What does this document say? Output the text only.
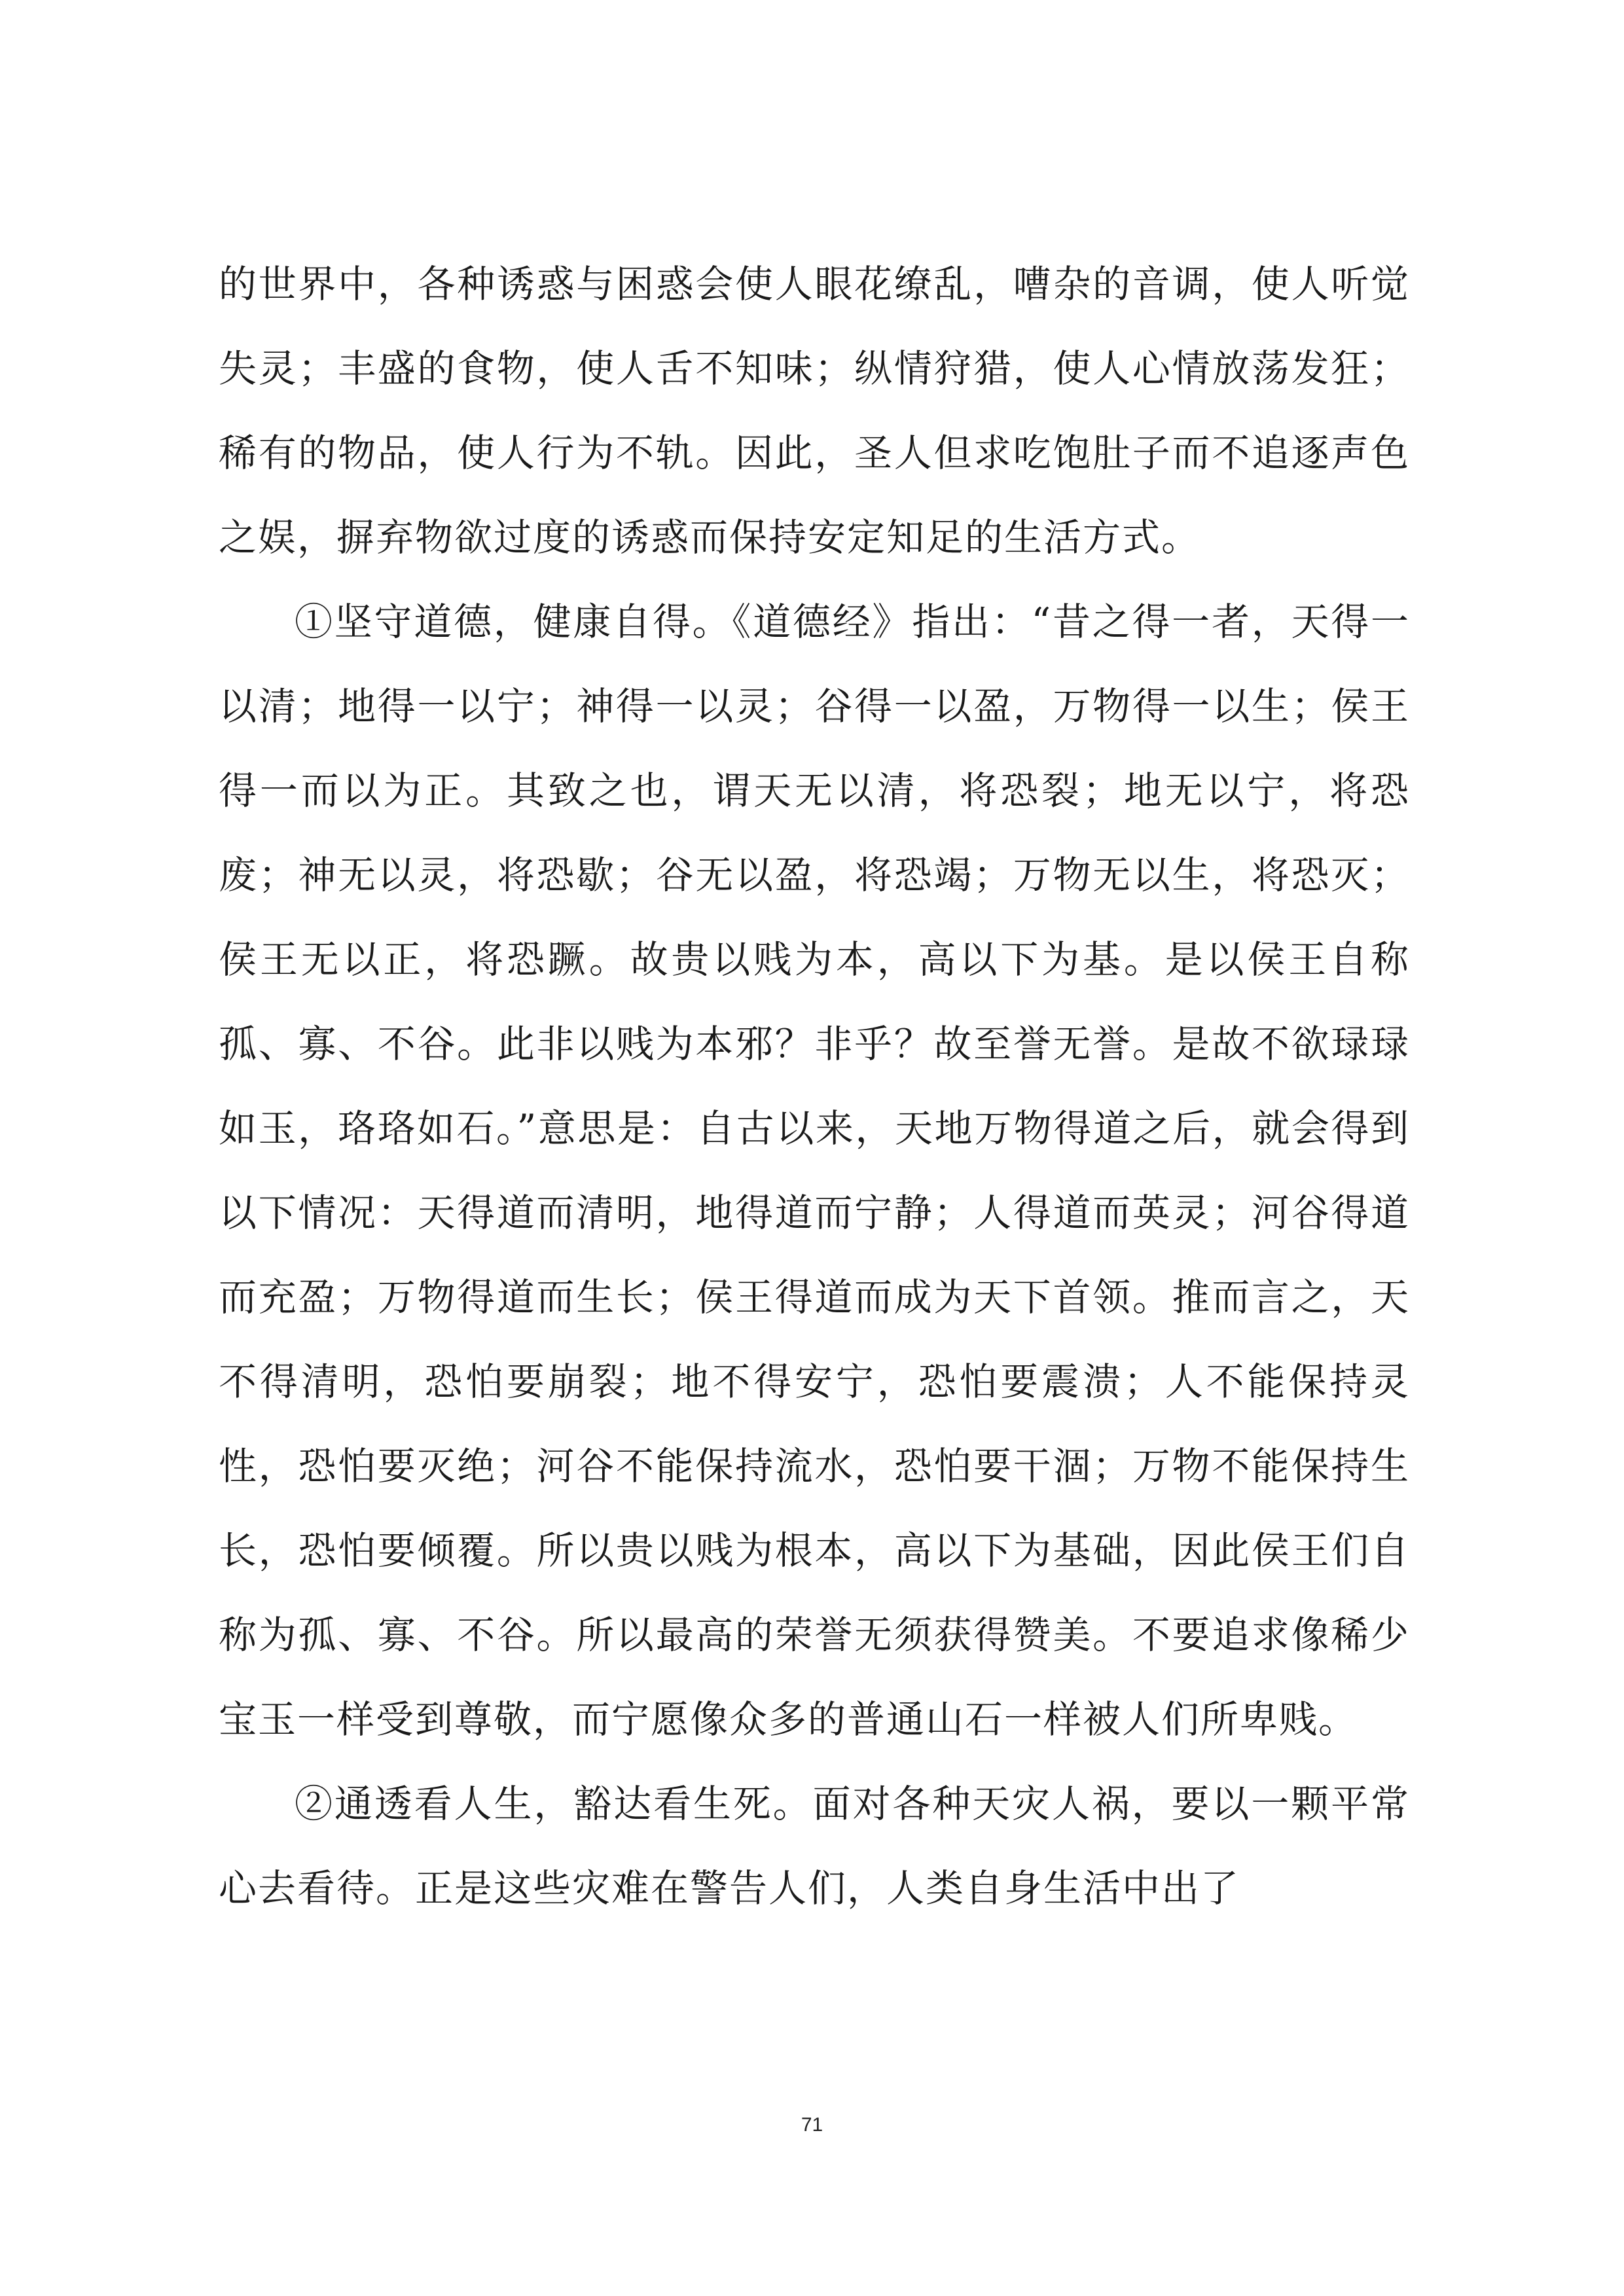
的世界中，各种诱惑与困惑会使人眼花缭乱，嘈杂的音调，使人听觉失灵；丰盛的食物，使人舌不知味；纵情狩猎，使人心情放荡发狂；稀有的物品，使人行为不轨。因此，圣人但求吃饱肚子而不追逐声色之娱，摒弃物欲过度的诱惑而保持安定知足的生活方式。

①坚守道德，健康自得。《道德经》指出：“昔之得一者，天得一以清；地得一以宁；神得一以灵；谷得一以盈，万物得一以生；侯王得一而以为正。其致之也，谓天无以清，将恐裂；地无以宁，将恐废；神无以灵，将恐歇；谷无以盈，将恐竭；万物无以生，将恐灭；侯王无以正，将恐蹶。故贵以贱为本，高以下为基。是以侯王自称孤、寡、不谷。此非以贱为本邪？非乎？故至誉无誉。是故不欲琭琭如玉，珞珞如石。”意思是：自古以来，天地万物得道之后，就会得到以下情况：天得道而清明，地得道而宁静；人得道而英灵；河谷得道而充盈；万物得道而生长；侯王得道而成为天下首领。推而言之，天不得清明，恐怕要崩裂；地不得安宁，恐怕要震溃；人不能保持灵性，恐怕要灭绝；河谷不能保持流水，恐怕要干涸；万物不能保持生长，恐怕要倾覆。所以贵以贱为根本，高以下为基础，因此侯王们自称为孤、寡、不谷。所以最高的荣誉无须获得赞美。不要追求像稀少宝玉一样受到尊敬，而宁愿像众多的普通山石一样被人们所卑贱。

②通透看人生，豁达看生死。面对各种天灾人祸，要以一颗平常心去看待。正是这些灾难在警告人们，人类自身生活中出了

71
